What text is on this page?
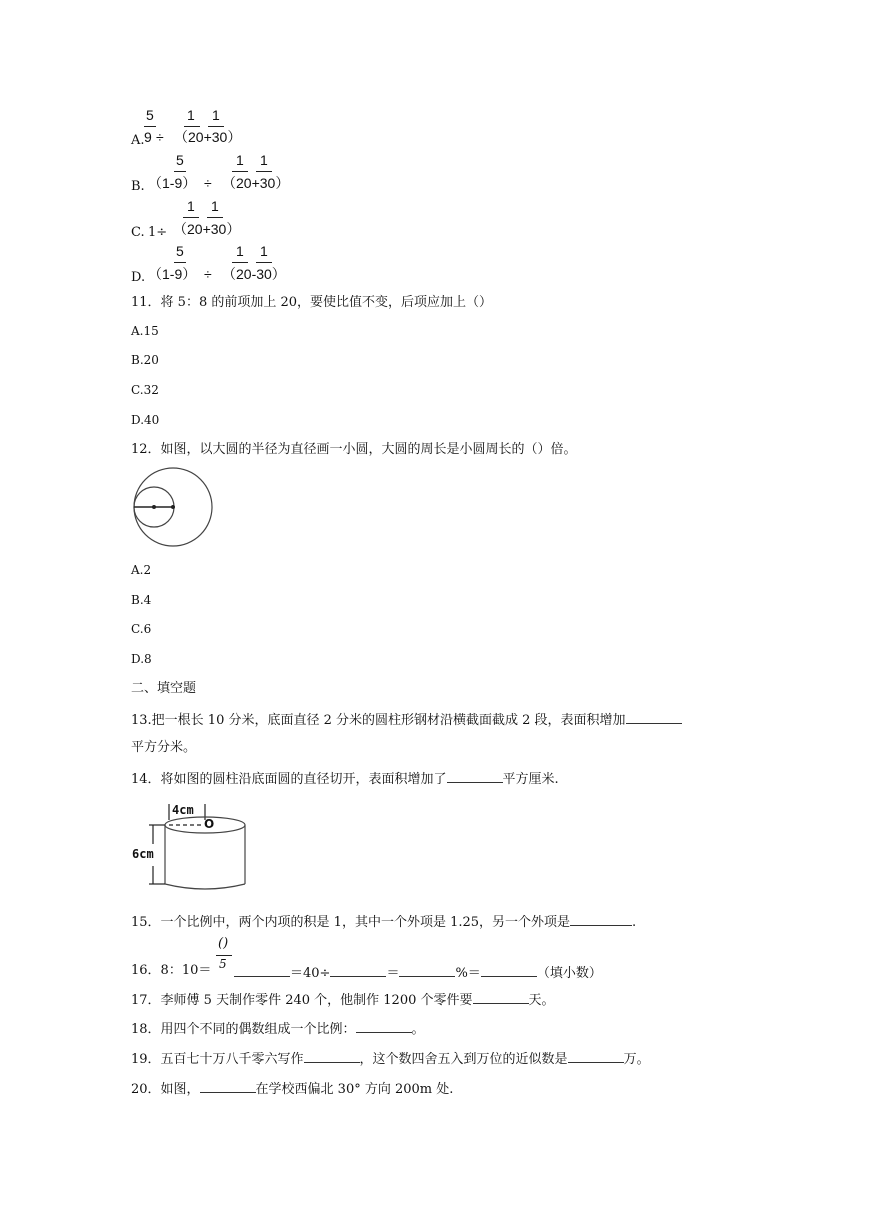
5
A. 9 ÷
1 1
（20+30）
5
B. （1-9） ÷
1 1
（20+30）
C. 1÷
1 1
（20+30）
5
D. （1-9） ÷
1 1
（20-30）
11．将 5：8 的前项加上 20，要使比值不变，后项应加上（）
A.15
B.20
C.32
D.40
12．如图，以大圆的半径为直径画一小圆，大圆的周长是小圆周长的（）倍。
A.2
B.4
C.6
D.8
二、填空题
13.把一根长 10 分米，底面直径 2 分米的圆柱形钢材沿横截面截成 2 段，表面积增加
平方分米。
14．将如图的圆柱沿底面圆的直径切开，表面积增加了	平方厘米.
4cm
O
6cm
15．一个比例中，两个内项的积是 1，其中一个外项是 1.25，另一个外项是	.
()
5
16．8：10＝	＝40÷	＝	%＝	（填小数）
17．李师傅 5 天制作零件 240 个，他制作 1200 个零件要	天。
18．用四个不同的偶数组成一个比例：	。
19．五百七十万八千零六写作	，这个数四舍五入到万位的近似数是	万。
20．如图，	在学校西偏北 30° 方向 200m 处.
